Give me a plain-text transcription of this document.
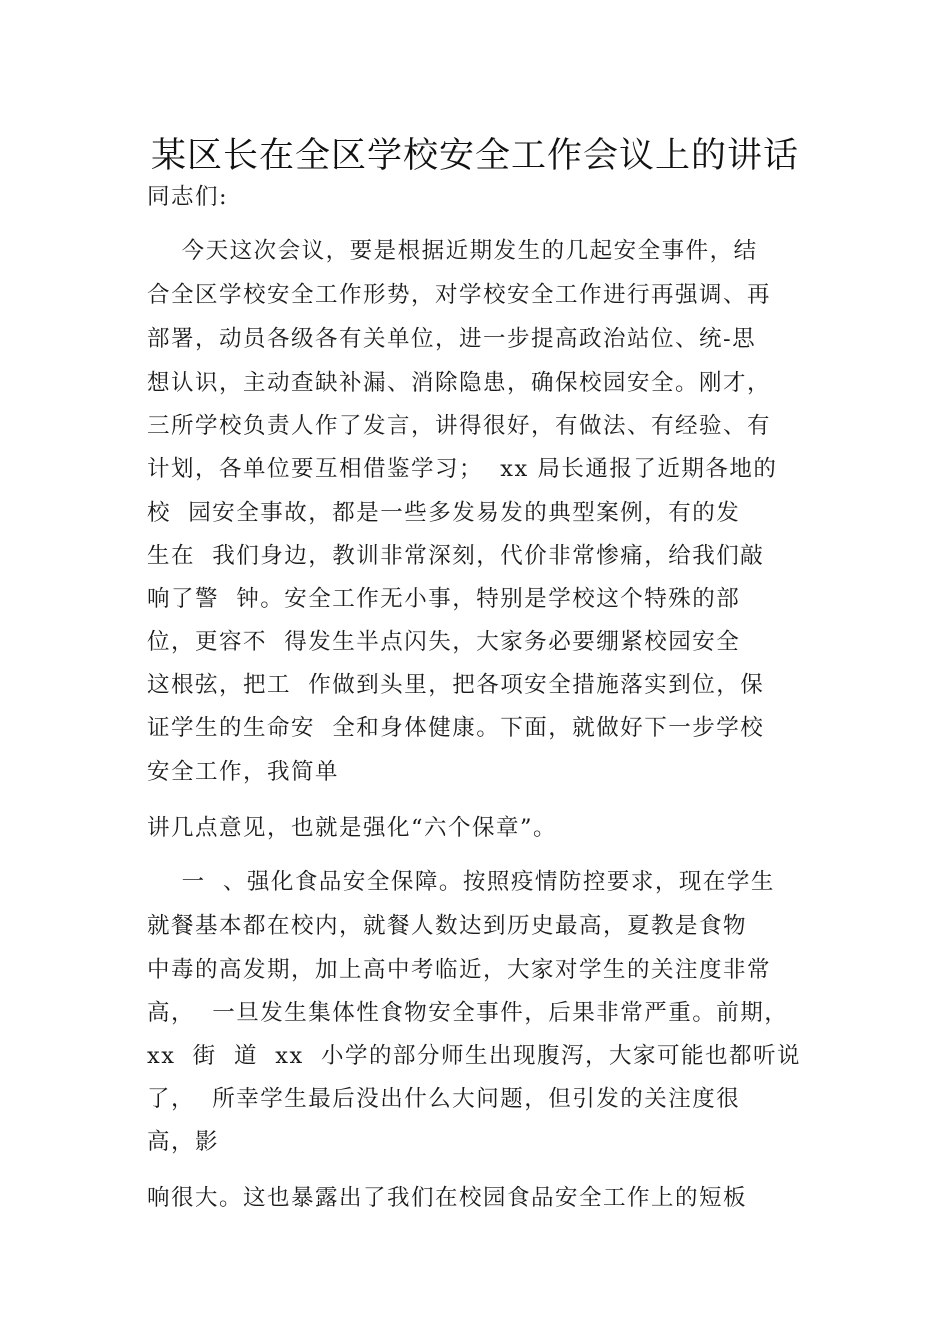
某区长在全区学校安全工作会议上的讲话
同志们:
今天这次会议，要是根据近期发生的几起安全事件，结
合全区学校安全工作形势，对学校安全工作进行再强调、再
部署，动员各级各有关单位，进一步提高政治站位、统-思
想认识，主动查缺补漏、消除隐患，确保校园安全。刚才，
三所学校负责人作了发言，讲得很好，有做法、有经验、有
计划，各单位要互相借鉴学习；  xx 局长通报了近期各地的
校  园安全事故，都是一些多发易发的典型案例，有的发
生在  我们身边，教训非常深刻，代价非常惨痛，给我们敲
响了警  钟。安全工作无小事，特别是学校这个特殊的部
位，更容不  得发生半点闪失，大家务必要绷紧校园安全
这根弦，把工  作做到头里，把各项安全措施落实到位，保
证学生的生命安  全和身体健康。下面，就做好下一步学校
安全工作，我简单
讲几点意见，也就是强化“六个保章”。
一  、强化食品安全保障。按照疫情防控要求，现在学生
就餐基本都在校内，就餐人数达到历史最高，夏教是食物
中毒的高发期，加上高中考临近，大家对学生的关注度非常
高，  一旦发生集体性食物安全事件，后果非常严重。前期，
xx  街  道  xx  小学的部分师生出现腹泻，大家可能也都听说
了，  所幸学生最后没出什么大问题，但引发的关注度很
高，影
响很大。这也暴露出了我们在校园食品安全工作上的短板
